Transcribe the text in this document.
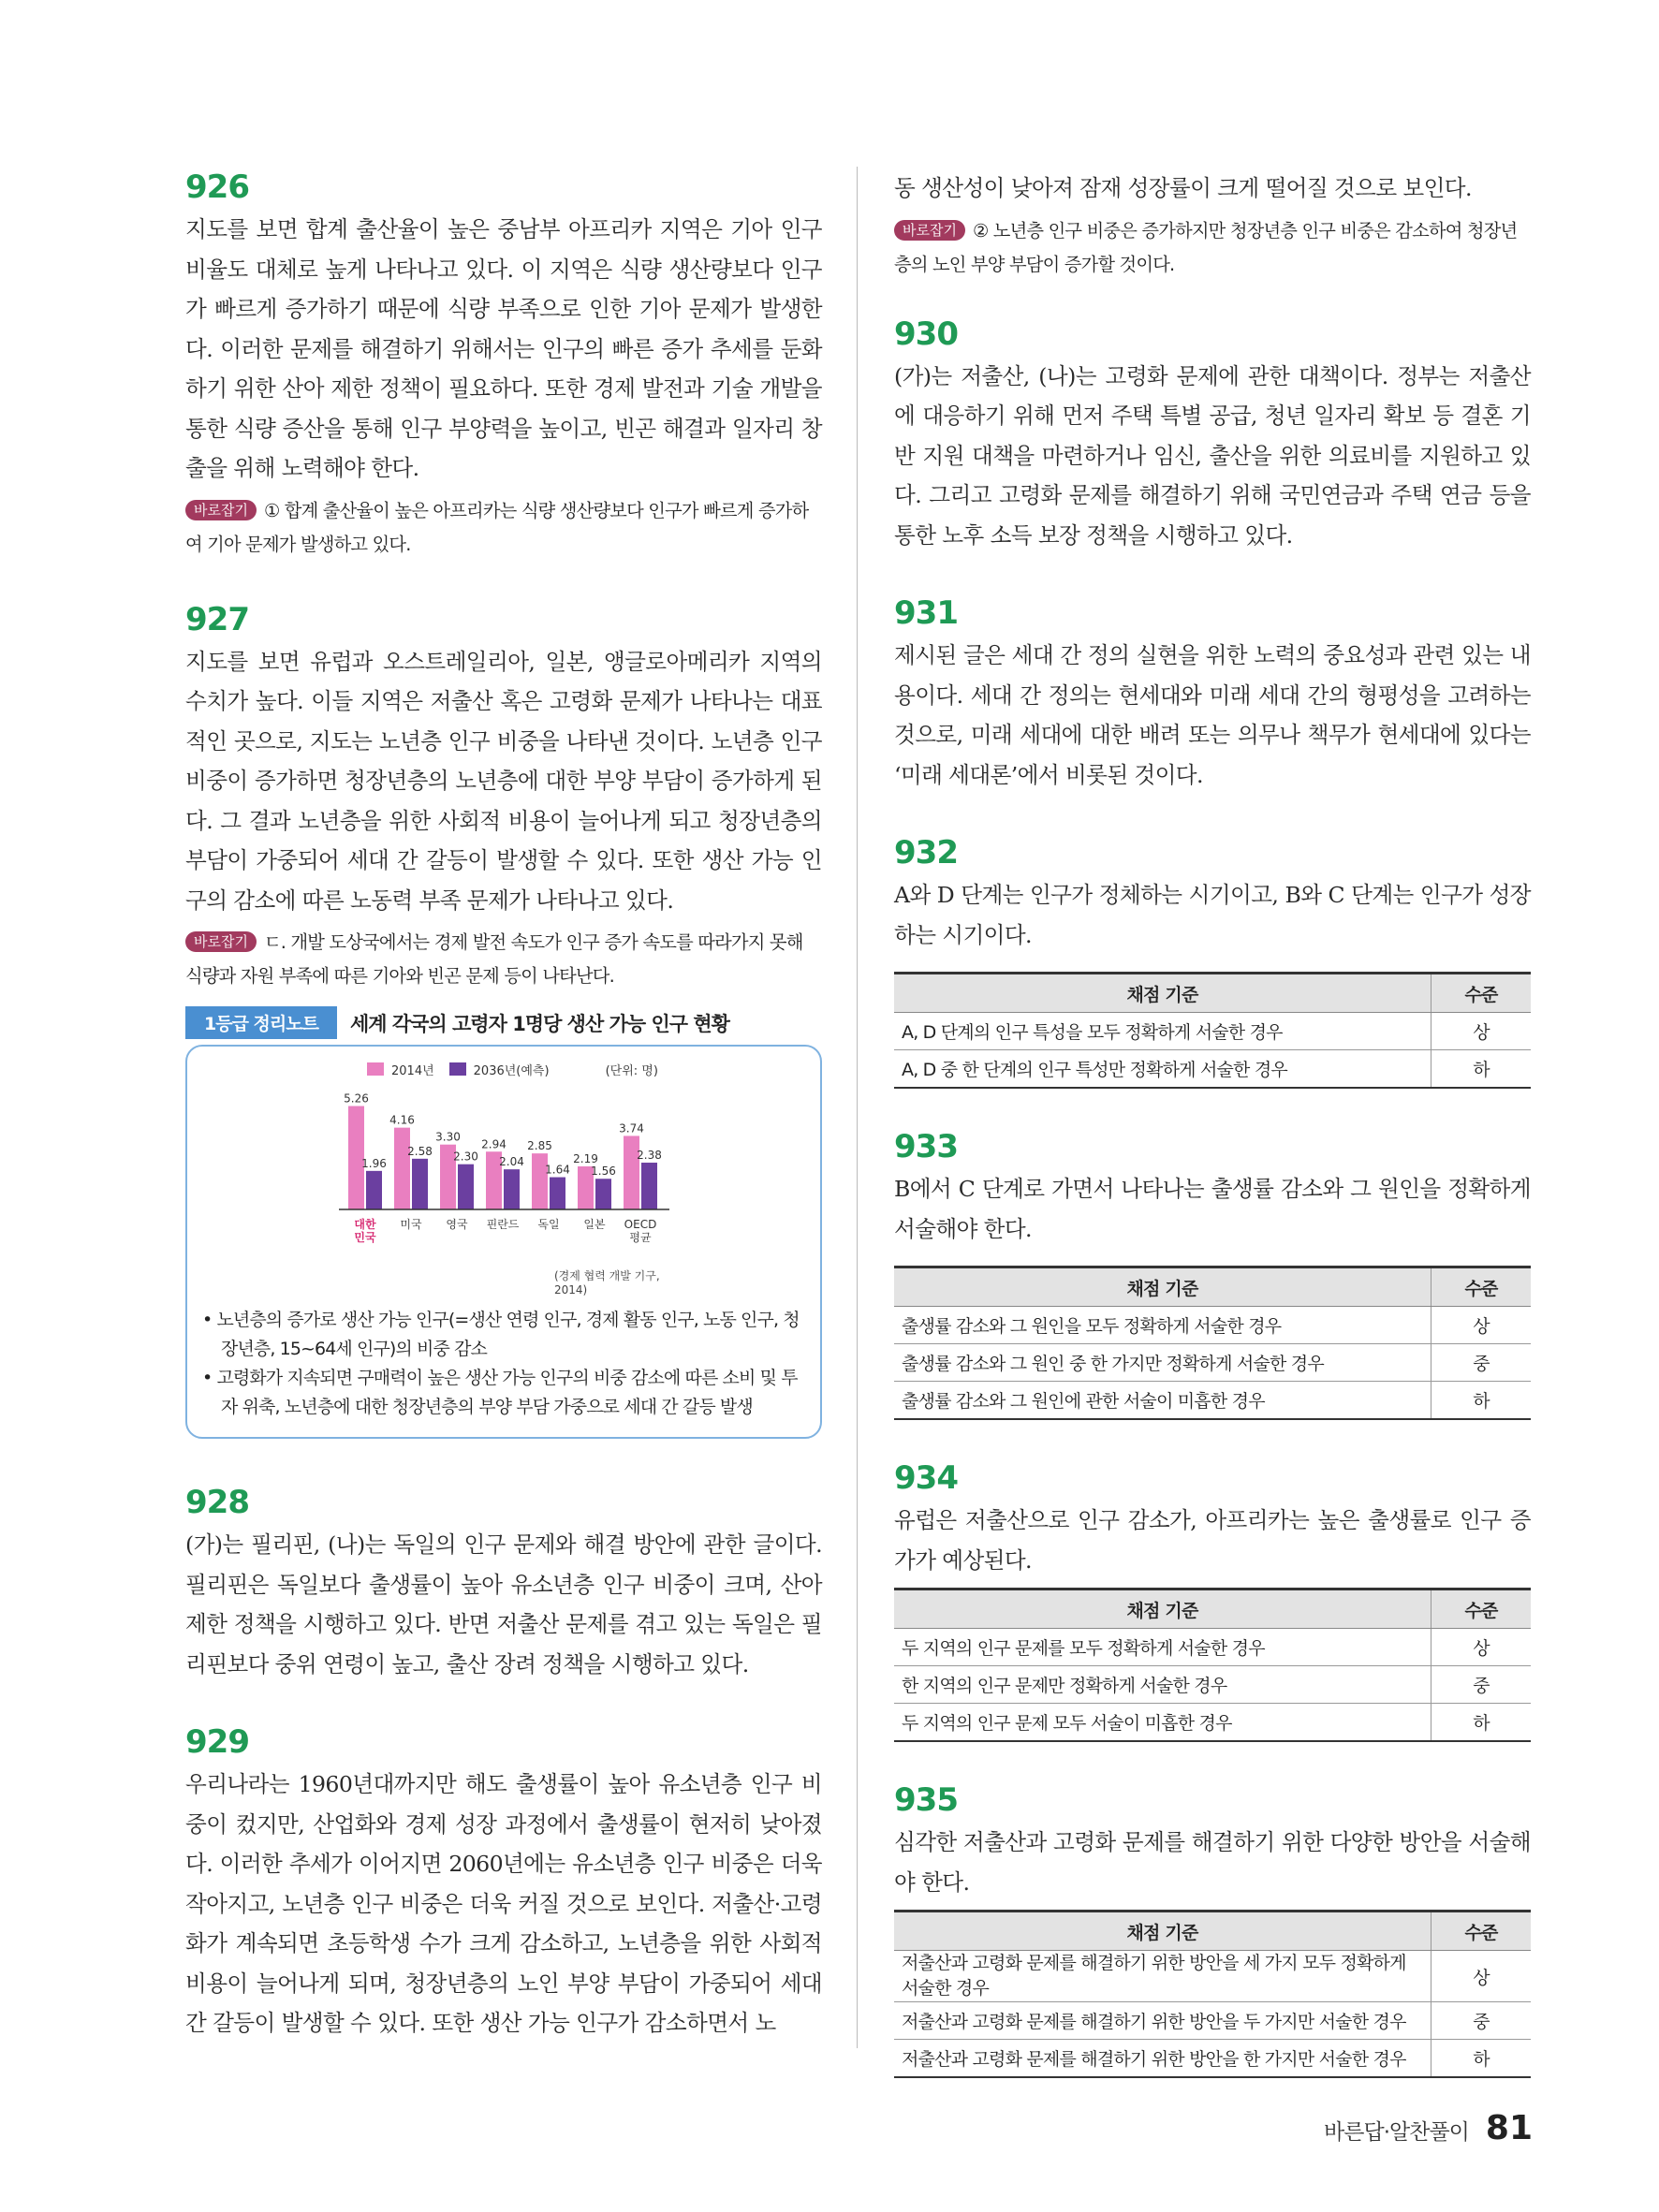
926

지도를 보면 합계 출산율이 높은 중남부 아프리카 지역은 기아 인구 비율도 대체로 높게 나타나고 있다. 이 지역은 식량 생산량보다 인구가 빠르게 증가하기 때문에 식량 부족으로 인한 기아 문제가 발생한다. 이러한 문제를 해결하기 위해서는 인구의 빠른 증가 추세를 둔화하기 위한 산아 제한 정책이 필요하다. 또한 경제 발전과 기술 개발을 통한 식량 증산을 통해 인구 부양력을 높이고, 빈곤 해결과 일자리 창출을 위해 노력해야 한다.

바로잡기 ① 합계 출산율이 높은 아프리카는 식량 생산량보다 인구가 빠르게 증가하여 기아 문제가 발생하고 있다.
927

지도를 보면 유럽과 오스트레일리아, 일본, 앵글로아메리카 지역의 수치가 높다. 이들 지역은 저출산 혹은 고령화 문제가 나타나는 대표적인 곳으로, 지도는 노년층 인구 비중을 나타낸 것이다. 노년층 인구 비중이 증가하면 청장년층의 노년층에 대한 부양 부담이 증가하게 된다. 그 결과 노년층을 위한 사회적 비용이 늘어나게 되고 청장년층의 부담이 가중되어 세대 간 갈등이 발생할 수 있다. 또한 생산 가능 인구의 감소에 따른 노동력 부족 문제가 나타나고 있다.

바로잡기 ㄷ. 개발 도상국에서는 경제 발전 속도가 인구 증가 속도를 따라가지 못해 식량과 자원 부족에 따른 기아와 빈곤 문제 등이 나타난다.
1등급 정리노트	세계 각국의 고령자 1명당 생산 가능 인구 현황
2014년	2036년(예측)	(단위: 명)
5.26
1.96
대한
민국
4.16
2.58
미국
3.30
2.30
영국
2.94
2.04
핀란드
2.85
1.64
독일
2.19
1.56
일본
3.74
2.38
OECD
평균
(경제 협력 개발 기구, 2014)
• 노년층의 증가로 생산 가능 인구(=생산 연령 인구, 경제 활동 인구, 노동 인구, 청장년층, 15~64세 인구)의 비중 감소
• 고령화가 지속되면 구매력이 높은 생산 가능 인구의 비중 감소에 따른 소비 및 투자 위축, 노년층에 대한 청장년층의 부양 부담 가중으로 세대 간 갈등 발생
928

(가)는 필리핀, (나)는 독일의 인구 문제와 해결 방안에 관한 글이다. 필리핀은 독일보다 출생률이 높아 유소년층 인구 비중이 크며, 산아 제한 정책을 시행하고 있다. 반면 저출산 문제를 겪고 있는 독일은 필리핀보다 중위 연령이 높고, 출산 장려 정책을 시행하고 있다.

929

우리나라는 1960년대까지만 해도 출생률이 높아 유소년층 인구 비중이 컸지만, 산업화와 경제 성장 과정에서 출생률이 현저히 낮아졌다. 이러한 추세가 이어지면 2060년에는 유소년층 인구 비중은 더욱 작아지고, 노년층 인구 비중은 더욱 커질 것으로 보인다. 저출산·고령화가 계속되면 초등학생 수가 크게 감소하고, 노년층을 위한 사회적 비용이 늘어나게 되며, 청장년층의 노인 부양 부담이 가중되어 세대 간 갈등이 발생할 수 있다. 또한 생산 가능 인구가 감소하면서 노

동 생산성이 낮아져 잠재 성장률이 크게 떨어질 것으로 보인다.

바로잡기 ② 노년층 인구 비중은 증가하지만 청장년층 인구 비중은 감소하여 청장년층의 노인 부양 부담이 증가할 것이다.
930

(가)는 저출산, (나)는 고령화 문제에 관한 대책이다. 정부는 저출산에 대응하기 위해 먼저 주택 특별 공급, 청년 일자리 확보 등 결혼 기반 지원 대책을 마련하거나 임신, 출산을 위한 의료비를 지원하고 있다. 그리고 고령화 문제를 해결하기 위해 국민연금과 주택 연금 등을 통한 노후 소득 보장 정책을 시행하고 있다.

931

제시된 글은 세대 간 정의 실현을 위한 노력의 중요성과 관련 있는 내용이다. 세대 간 정의는 현세대와 미래 세대 간의 형평성을 고려하는 것으로, 미래 세대에 대한 배려 또는 의무나 책무가 현세대에 있다는 ‘미래 세대론’에서 비롯된 것이다.

932

A와 D 단계는 인구가 정체하는 시기이고, B와 C 단계는 인구가 성장하는 시기이다.

채점 기준	수준
A, D 단계의 인구 특성을 모두 정확하게 서술한 경우	상
A, D 중 한 단계의 인구 특성만 정확하게 서술한 경우	하
933

B에서 C 단계로 가면서 나타나는 출생률 감소와 그 원인을 정확하게 서술해야 한다.

채점 기준	수준
출생률 감소와 그 원인을 모두 정확하게 서술한 경우	상
출생률 감소와 그 원인 중 한 가지만 정확하게 서술한 경우	중
출생률 감소와 그 원인에 관한 서술이 미흡한 경우	하
934

유럽은 저출산으로 인구 감소가, 아프리카는 높은 출생률로 인구 증가가 예상된다.

채점 기준	수준
두 지역의 인구 문제를 모두 정확하게 서술한 경우	상
한 지역의 인구 문제만 정확하게 서술한 경우	중
두 지역의 인구 문제 모두 서술이 미흡한 경우	하
935

심각한 저출산과 고령화 문제를 해결하기 위한 다양한 방안을 서술해야 한다.

채점 기준	수준
저출산과 고령화 문제를 해결하기 위한 방안을 세 가지 모두 정확하게 서술한 경우	상
저출산과 고령화 문제를 해결하기 위한 방안을 두 가지만 서술한 경우	중
저출산과 고령화 문제를 해결하기 위한 방안을 한 가지만 서술한 경우	하
바른답·알찬풀이 81
